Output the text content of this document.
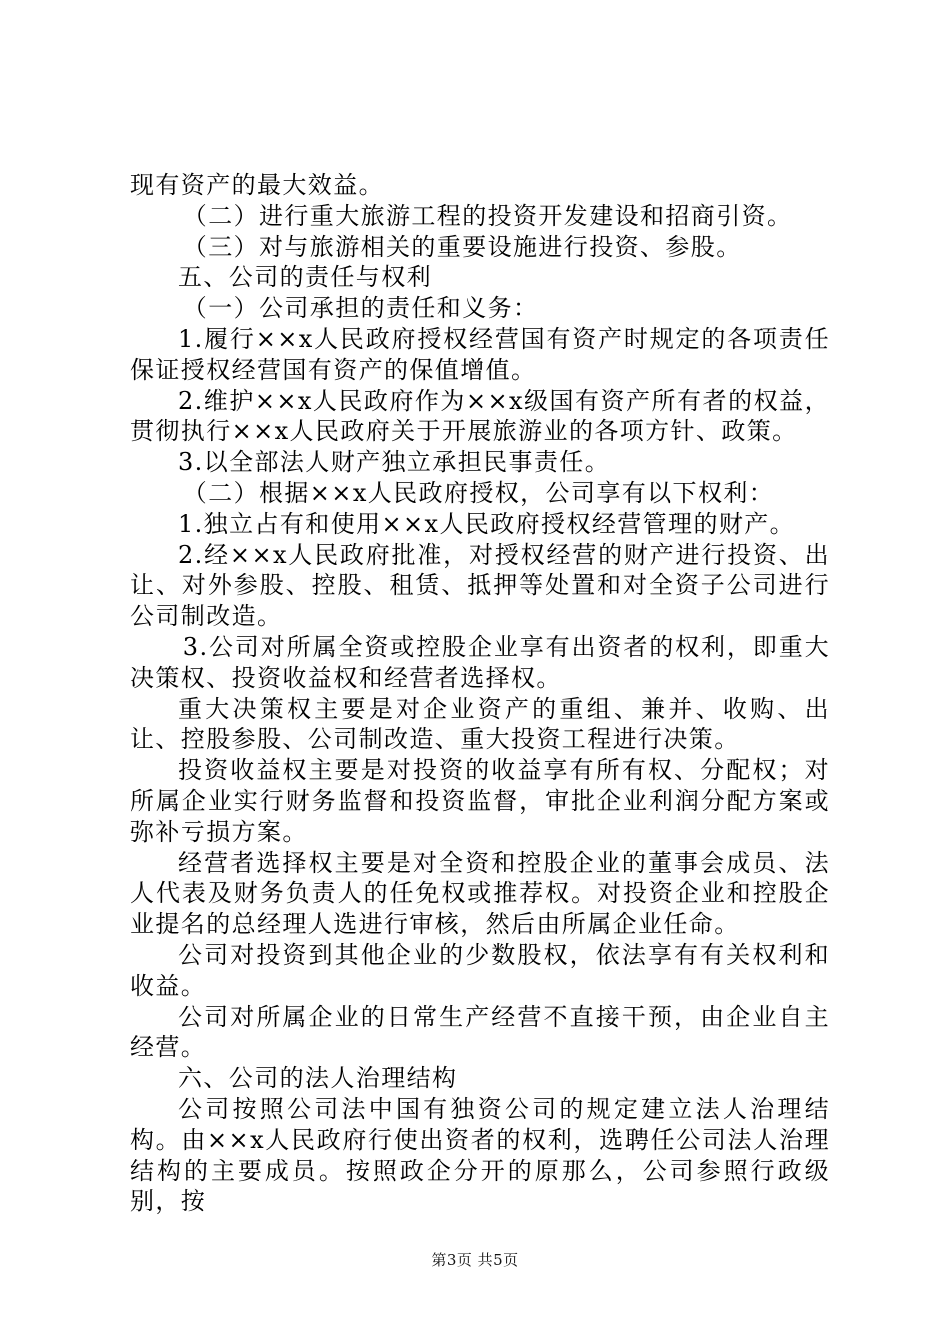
现有资产的最大效益。

（二）进行重大旅游工程的投资开发建设和招商引资。

（三）对与旅游相关的重要设施进行投资、参股。

五、公司的责任与权利

（一）公司承担的责任和义务：

1.履行××x人民政府授权经营国有资产时规定的各项责任保证授权经营国有资产的保值增值。

2.维护××x人民政府作为××x级国有资产所有者的权益，贯彻执行××x人民政府关于开展旅游业的各项方针、政策。

3.以全部法人财产独立承担民事责任。

（二）根据××x人民政府授权，公司享有以下权利：

1.独立占有和使用××x人民政府授权经营管理的财产。

2.经××x人民政府批准，对授权经营的财产进行投资、出让、对外参股、控股、租赁、抵押等处置和对全资子公司进行公司制改造。

3.公司对所属全资或控股企业享有出资者的权利，即重大决策权、投资收益权和经营者选择权。

重大决策权主要是对企业资产的重组、兼并、收购、出让、控股参股、公司制改造、重大投资工程进行决策。

投资收益权主要是对投资的收益享有所有权、分配权；对所属企业实行财务监督和投资监督，审批企业利润分配方案或弥补亏损方案。

经营者选择权主要是对全资和控股企业的董事会成员、法人代表及财务负责人的任免权或推荐权。对投资企业和控股企业提名的总经理人选进行审核，然后由所属企业任命。

公司对投资到其他企业的少数股权，依法享有有关权利和收益。

公司对所属企业的日常生产经营不直接干预，由企业自主经营。

六、公司的法人治理结构

公司按照公司法中国有独资公司的规定建立法人治理结构。由××x人民政府行使出资者的权利，选聘任公司法人治理结构的主要成员。按照政企分开的原那么，公司参照行政级别，按

第3页 共5页
